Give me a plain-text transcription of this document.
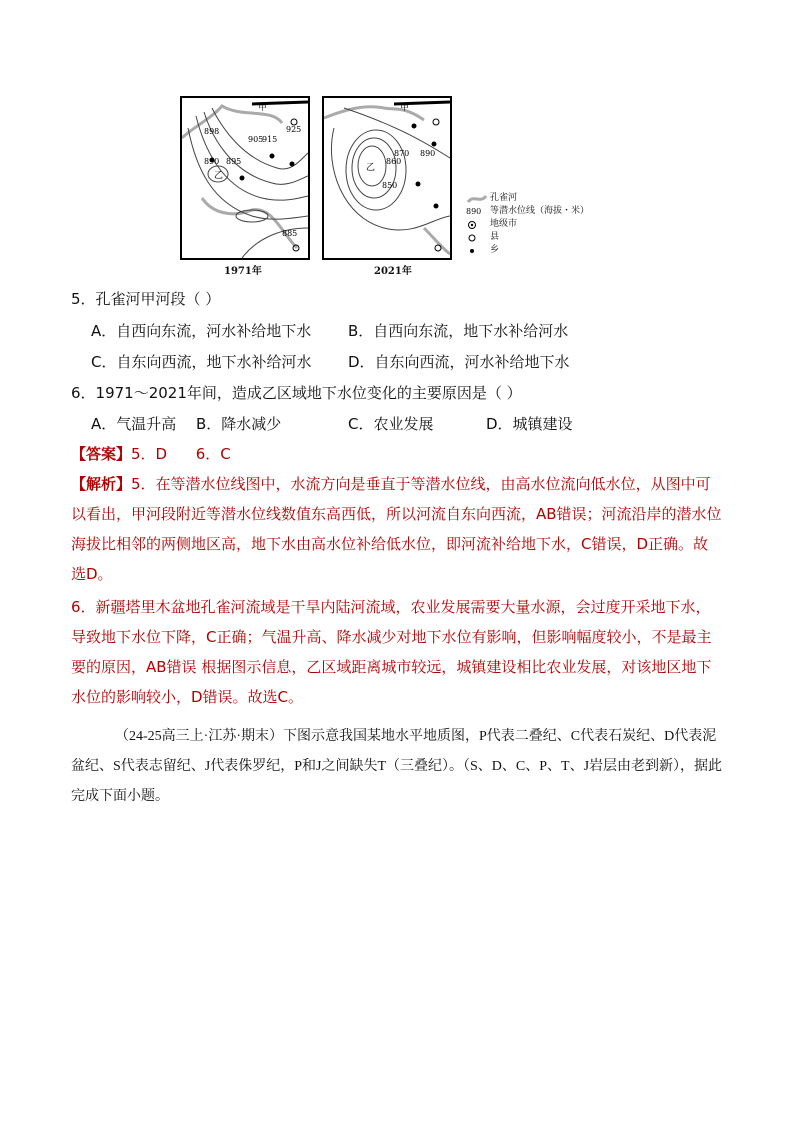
甲
925
915
905
895
890
898
885
乙
1971年
甲
890
870
860
850
乙
2021年
孔雀河
890 等潜水位线（海拔・米）
地级市
县
乡
5．孔雀河甲河段（ ）
A．自西向东流，河水补给地下水 B．自西向东流，地下水补给河水
C．自东向西流，地下水补给河水 D．自东向西流，河水补给地下水
6．1971～2021年间，造成乙区域地下水位变化的主要原因是（ ）
A．气温升高 B．降水减少	C．农业发展	D．城镇建设
【答案】5．D      6．C
【解析】5．在等潜水位线图中，水流方向是垂直于等潜水位线，由高水位流向低水位，从图中可以看出，甲河段附近等潜水位线数值东高西低，所以河流自东向西流，AB错误；河流沿岸的潜水位海拔比相邻的两侧地区高，地下水由高水位补给低水位，即河流补给地下水，C错误，D正确。故选D。
6．新疆塔里木盆地孔雀河流域是干旱内陆河流域，农业发展需要大量水源，会过度开采地下水，导致地下水位下降，C正确；气温升高、降水减少对地下水位有影响，但影响幅度较小，不是最主要的原因，AB错误 根据图示信息，乙区域距离城市较远，城镇建设相比农业发展，对该地区地下水位的影响较小，D错误。故选C。
（24-25高三上·江苏·期末）下图示意我国某地水平地质图，P代表二叠纪、C代表石炭纪、D代表泥盆纪、S代表志留纪、J代表侏罗纪，P和J之间缺失T（三叠纪）。（S、D、C、P、T、J岩层由老到新），据此完成下面小题。
